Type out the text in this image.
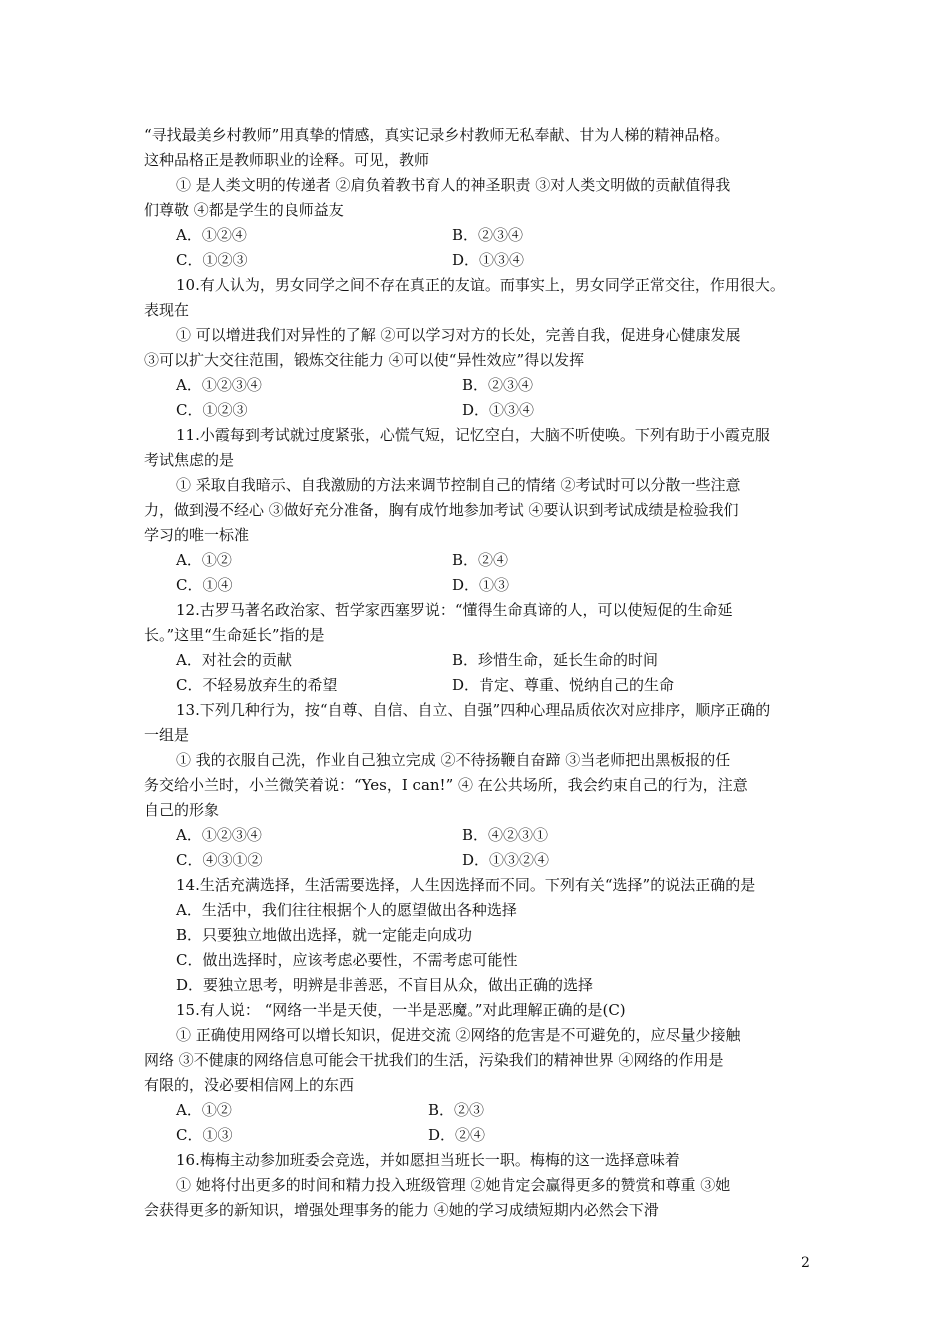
“寻找最美乡村教师”用真挚的情感，真实记录乡村教师无私奉献、甘为人梯的精神品格。
这种品格正是教师职业的诠释。可见，教师
① 是人类文明的传递者 ②肩负着教书育人的神圣职责 ③对人类文明做的贡献值得我
们尊敬 ④都是学生的良师益友
A．①②④	B．②③④
C．①②③	D．①③④
10.有人认为，男女同学之间不存在真正的友谊。而事实上，男女同学正常交往，作用很大。
表现在
① 可以增进我们对异性的了解 ②可以学习对方的长处，完善自我，促进身心健康发展
③可以扩大交往范围，锻炼交往能力 ④可以使“异性效应”得以发挥
A．①②③④	B．②③④
C．①②③	D．①③④
11.小霞每到考试就过度紧张，心慌气短，记忆空白，大脑不听使唤。下列有助于小霞克服
考试焦虑的是
① 采取自我暗示、自我激励的方法来调节控制自己的情绪 ②考试时可以分散一些注意
力，做到漫不经心 ③做好充分准备，胸有成竹地参加考试 ④要认识到考试成绩是检验我们
学习的唯一标准
A．①②	B．②④
C．①④	D．①③
12.古罗马著名政治家、哲学家西塞罗说：“懂得生命真谛的人，可以使短促的生命延
长。”这里“生命延长”指的是
A．对社会的贡献	B．珍惜生命，延长生命的时间
C．不轻易放弃生的希望	D．肯定、尊重、悦纳自己的生命
13.下列几种行为，按“自尊、自信、自立、自强”四种心理品质依次对应排序，顺序正确的
一组是
① 我的衣服自己洗，作业自己独立完成 ②不待扬鞭自奋蹄 ③当老师把出黑板报的任
务交给小兰时，小兰微笑着说：“Yes，I can!” ④ 在公共场所，我会约束自己的行为，注意
自己的形象
A．①②③④	B．④②③①
C．④③①②	D．①③②④
14.生活充满选择，生活需要选择，人生因选择而不同。下列有关“选择”的说法正确的是
A．生活中，我们往往根据个人的愿望做出各种选择
B．只要独立地做出选择，就一定能走向成功
C．做出选择时，应该考虑必要性，不需考虑可能性
D．要独立思考，明辨是非善恶，不盲目从众，做出正确的选择
15.有人说： “网络一半是天使，一半是恶魔。”对此理解正确的是(C)
① 正确使用网络可以增长知识，促进交流 ②网络的危害是不可避免的，应尽量少接触
网络 ③不健康的网络信息可能会干扰我们的生活，污染我们的精神世界 ④网络的作用是
有限的，没必要相信网上的东西
A．①②	B．②③
C．①③	D．②④
16.梅梅主动参加班委会竞选，并如愿担当班长一职。梅梅的这一选择意味着
① 她将付出更多的时间和精力投入班级管理 ②她肯定会赢得更多的赞赏和尊重 ③她
会获得更多的新知识，增强处理事务的能力 ④她的学习成绩短期内必然会下滑
2
